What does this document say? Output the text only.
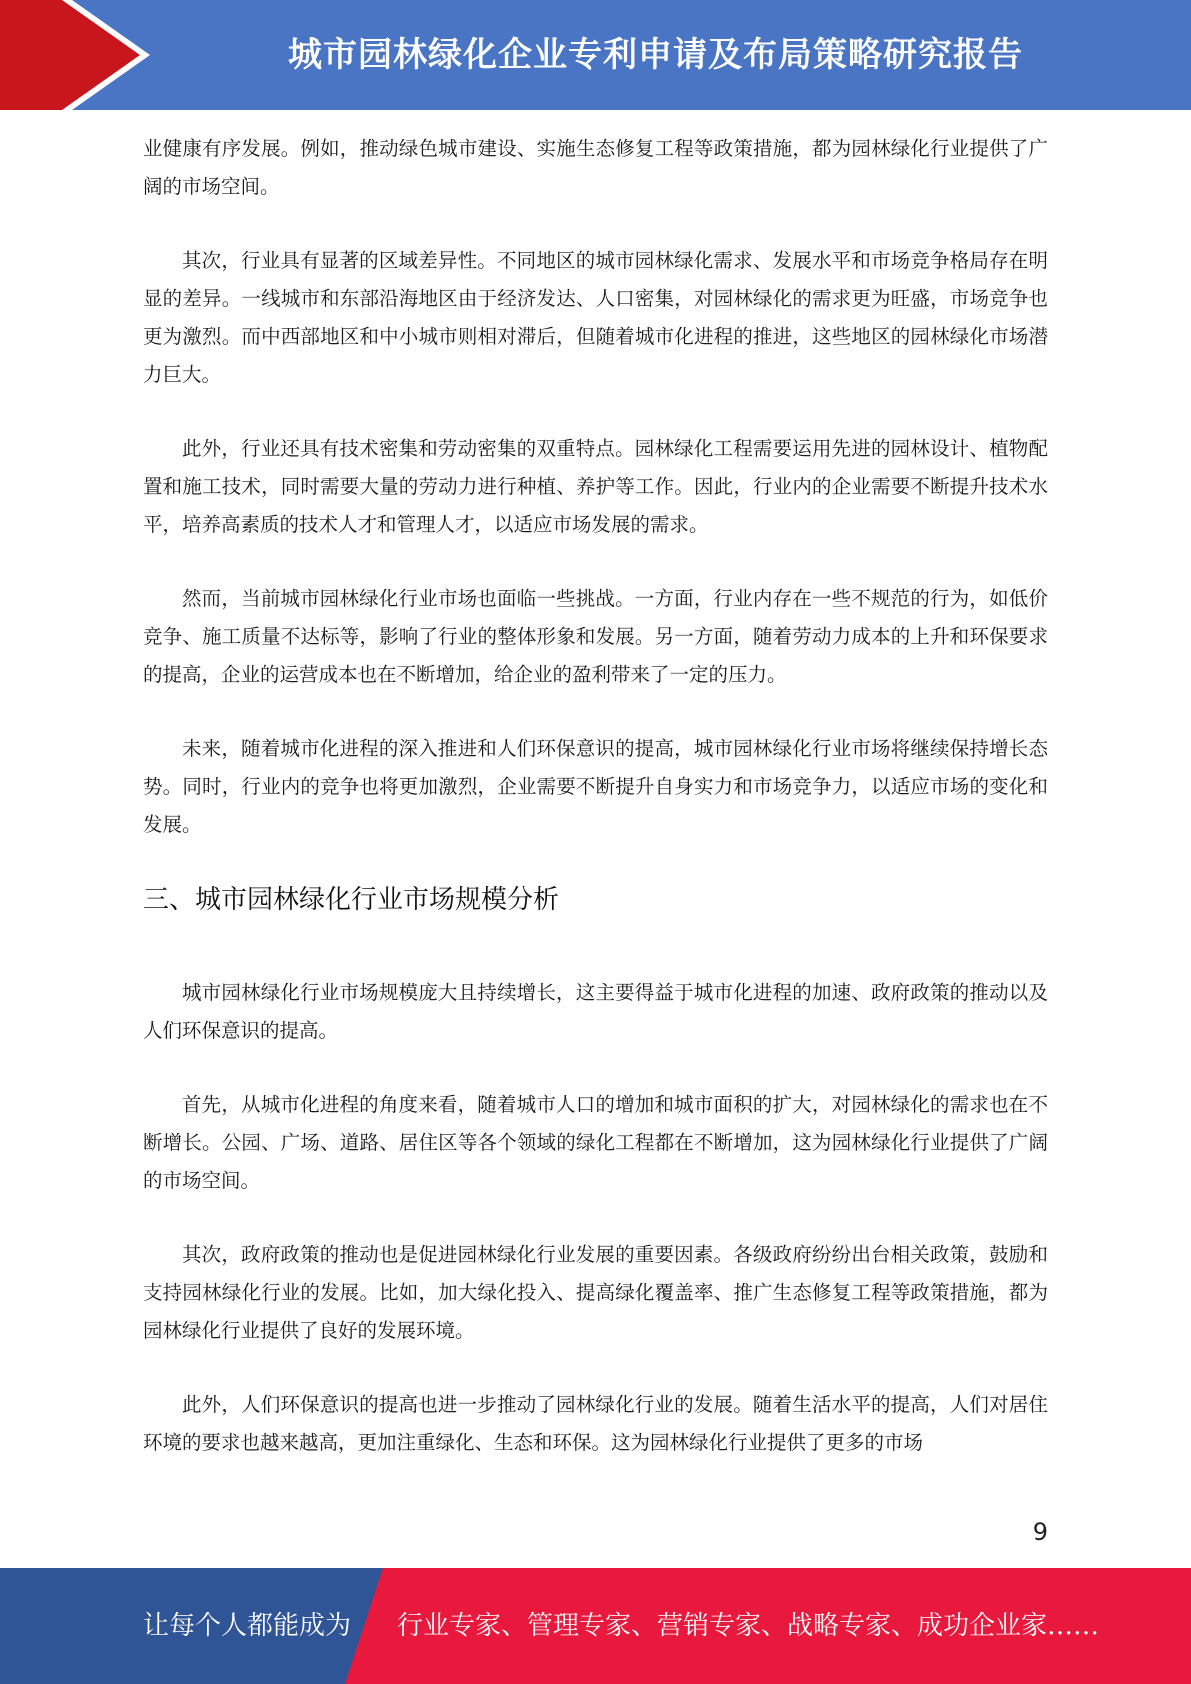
城市园林绿化企业专利申请及布局策略研究报告

业健康有序发展。例如，推动绿色城市建设、实施生态修复工程等政策措施，都为园林绿化行业提供了广阔的市场空间。

其次，行业具有显著的区域差异性。不同地区的城市园林绿化需求、发展水平和市场竞争格局存在明显的差异。一线城市和东部沿海地区由于经济发达、人口密集，对园林绿化的需求更为旺盛，市场竞争也更为激烈。而中西部地区和中小城市则相对滞后，但随着城市化进程的推进，这些地区的园林绿化市场潜力巨大。

此外，行业还具有技术密集和劳动密集的双重特点。园林绿化工程需要运用先进的园林设计、植物配置和施工技术，同时需要大量的劳动力进行种植、养护等工作。因此，行业内的企业需要不断提升技术水平，培养高素质的技术人才和管理人才，以适应市场发展的需求。

然而，当前城市园林绿化行业市场也面临一些挑战。一方面，行业内存在一些不规范的行为，如低价竞争、施工质量不达标等，影响了行业的整体形象和发展。另一方面，随着劳动力成本的上升和环保要求的提高，企业的运营成本也在不断增加，给企业的盈利带来了一定的压力。

未来，随着城市化进程的深入推进和人们环保意识的提高，城市园林绿化行业市场将继续保持增长态势。同时，行业内的竞争也将更加激烈，企业需要不断提升自身实力和市场竞争力，以适应市场的变化和发展。

三、城市园林绿化行业市场规模分析

城市园林绿化行业市场规模庞大且持续增长，这主要得益于城市化进程的加速、政府政策的推动以及人们环保意识的提高。

首先，从城市化进程的角度来看，随着城市人口的增加和城市面积的扩大，对园林绿化的需求也在不断增长。公园、广场、道路、居住区等各个领域的绿化工程都在不断增加，这为园林绿化行业提供了广阔的市场空间。

其次，政府政策的推动也是促进园林绿化行业发展的重要因素。各级政府纷纷出台相关政策，鼓励和支持园林绿化行业的发展。比如，加大绿化投入、提高绿化覆盖率、推广生态修复工程等政策措施，都为园林绿化行业提供了良好的发展环境。

此外，人们环保意识的提高也进一步推动了园林绿化行业的发展。随着生活水平的提高，人们对居住环境的要求也越来越高，更加注重绿化、生态和环保。这为园林绿化行业提供了更多的市场

9
让每个人都能成为 行业专家、管理专家、营销专家、战略专家、成功企业家……
